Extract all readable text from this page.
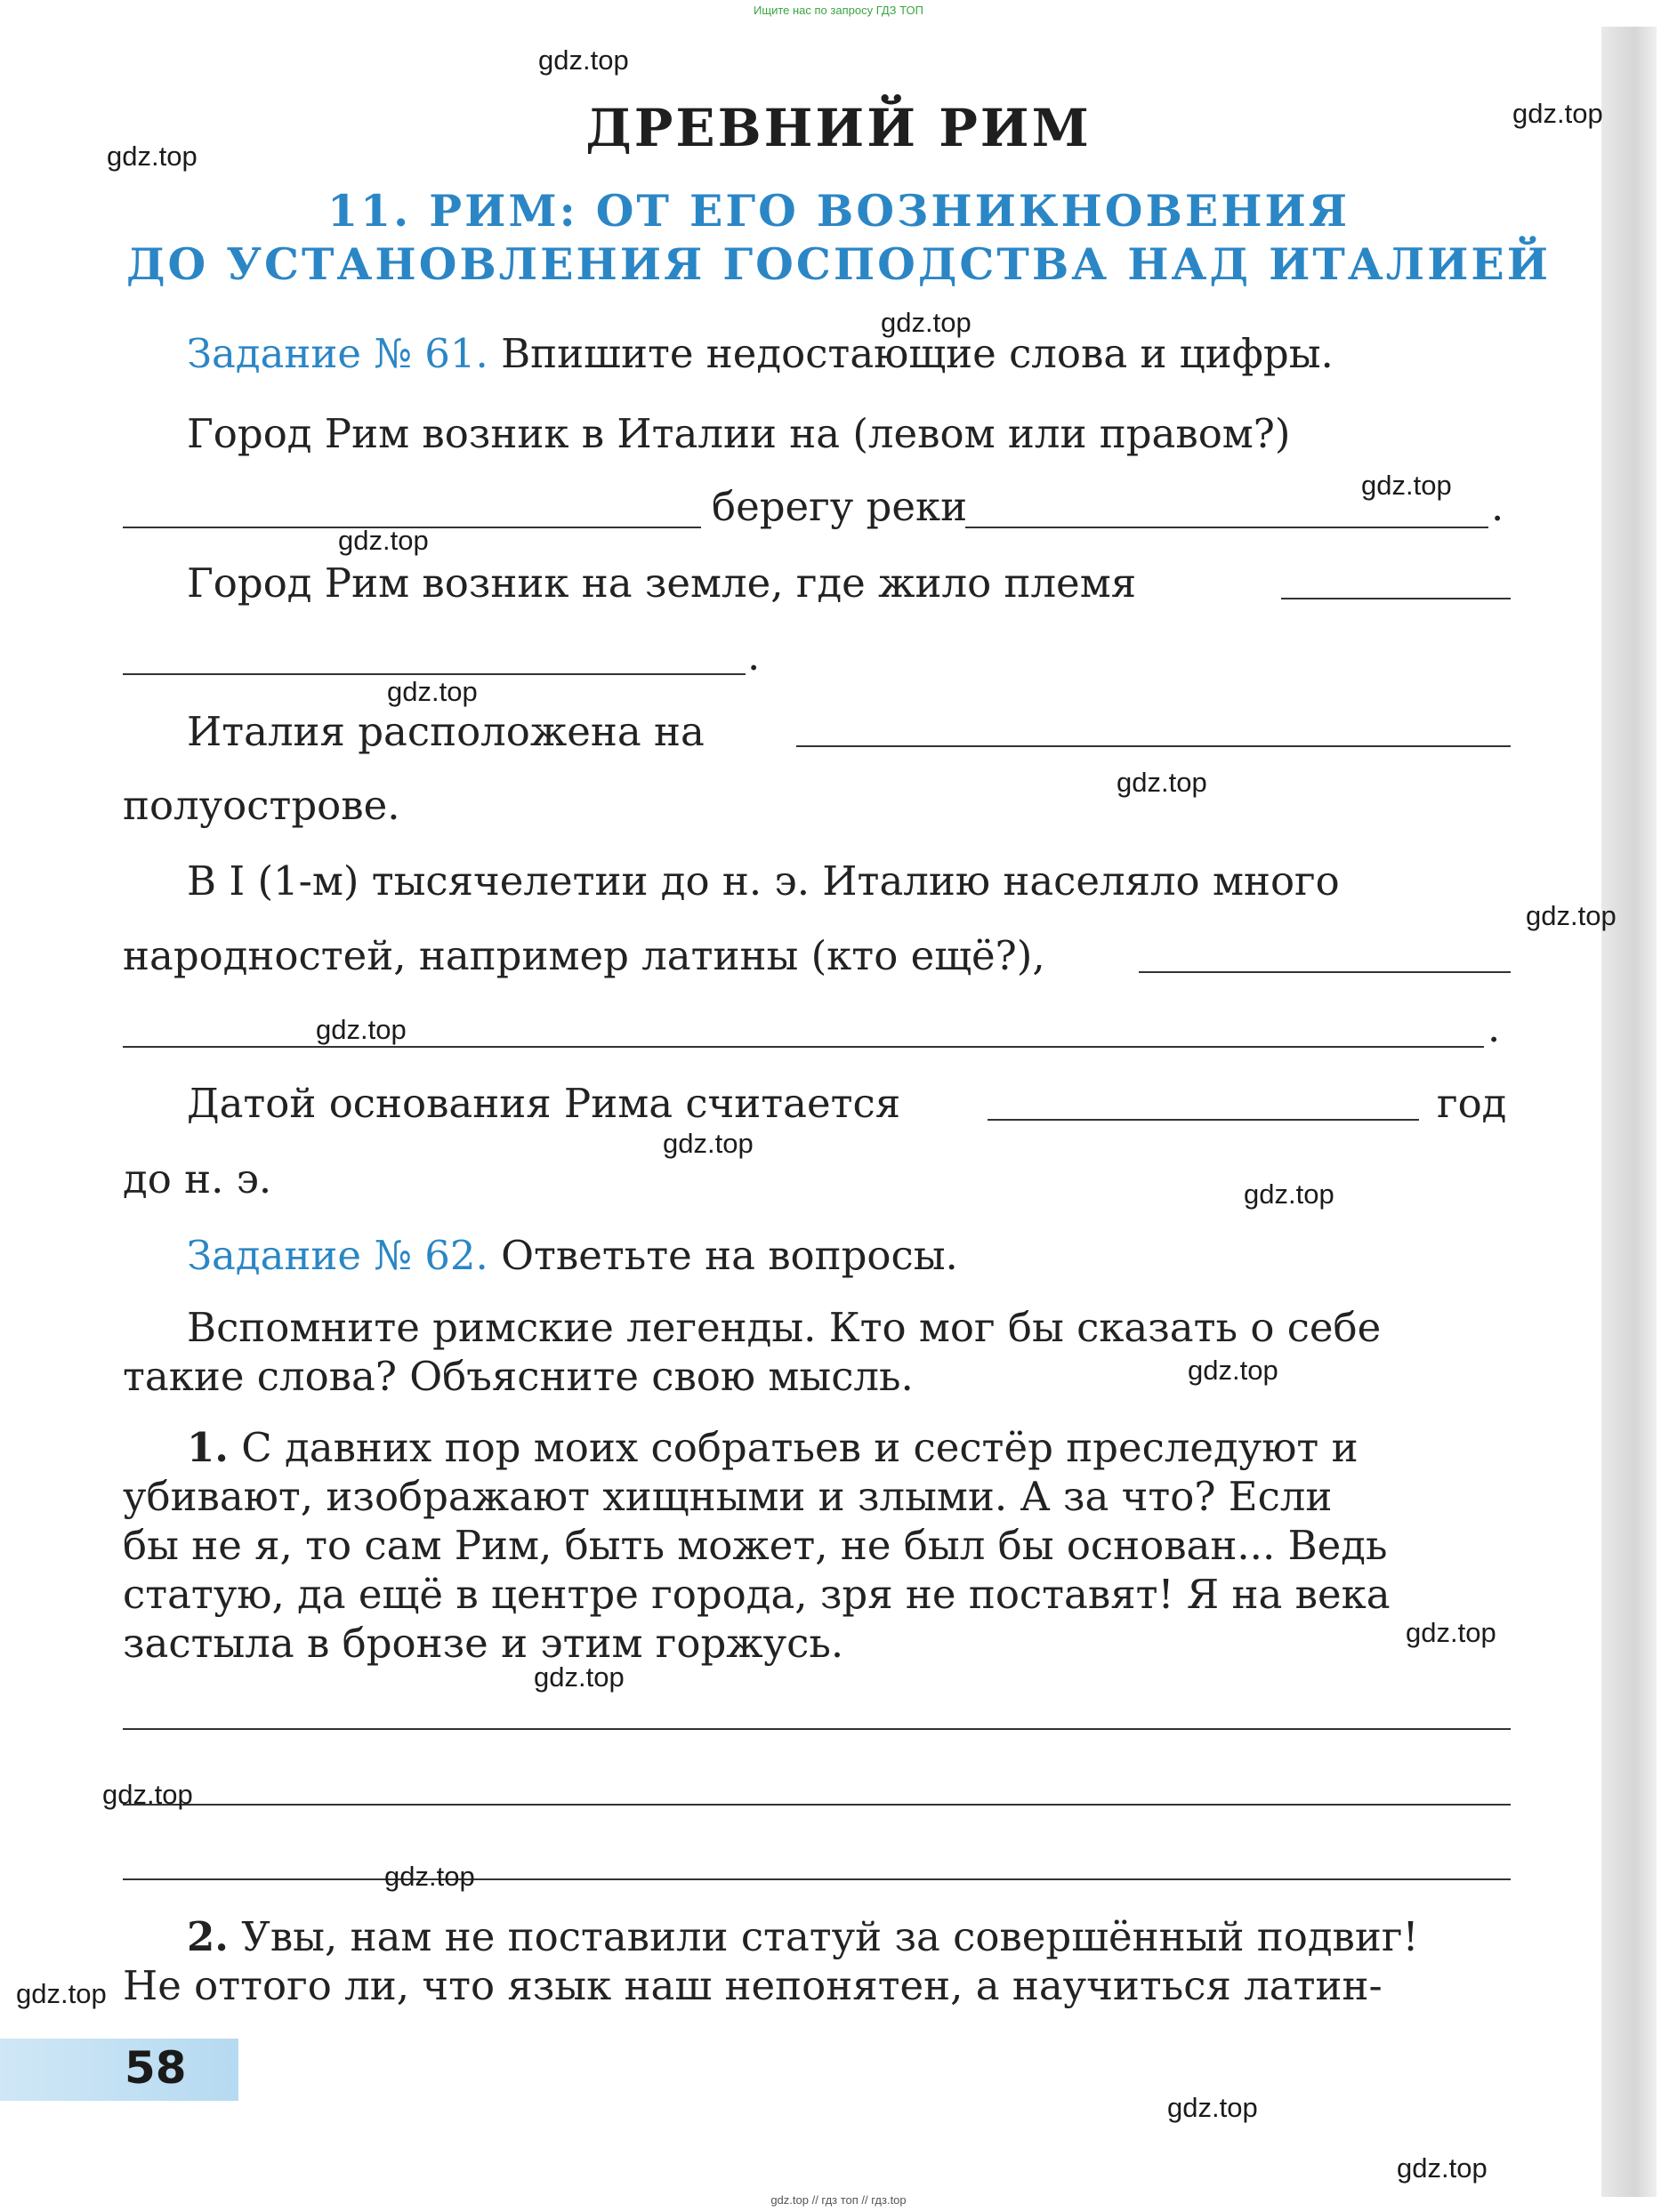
Ищите нас по запросу ГДЗ ТОП
ДРЕВНИЙ РИМ
11. РИМ: ОТ ЕГО ВОЗНИКНОВЕНИЯ
ДО УСТАНОВЛЕНИЯ ГОСПОДСТВА НАД ИТАЛИЕЙ
Задание № 61. Впишите недостающие слова и цифры.
Город Рим возник в Италии на (левом или правом?)
берегу реки	.
Город Рим возник на земле, где жило племя
.
Италия расположена на
полуострове.
В I (1-м) тысячелетии до н. э. Италию населяло много
народностей, например латины (кто ещё?),
.
Датой основания Рима считается	год
до н. э.
Задание № 62. Ответьте на вопросы.
Вспомните римские легенды. Кто мог бы сказать о себе
такие слова? Объясните свою мысль.
1. С давних пор моих собратьев и сестёр преследуют и
убивают, изображают хищными и злыми. А за что? Если
бы не я, то сам Рим, быть может, не был бы основан... Ведь
статую, да ещё в центре города, зря не поставят! Я на века
застыла в бронзе и этим горжусь.
2. Увы, нам не поставили статуй за совершённый подвиг!
Не оттого ли, что язык наш непонятен, а научиться латин-
58
gdz.top
gdz.top
gdz.top
gdz.top
gdz.top
gdz.top
gdz.top
gdz.top
gdz.top
gdz.top
gdz.top
gdz.top
gdz.top
gdz.top
gdz.top
gdz.top
gdz.top
gdz.top
gdz.top
gdz.top
gdz.top // гдз топ // гдз.top
